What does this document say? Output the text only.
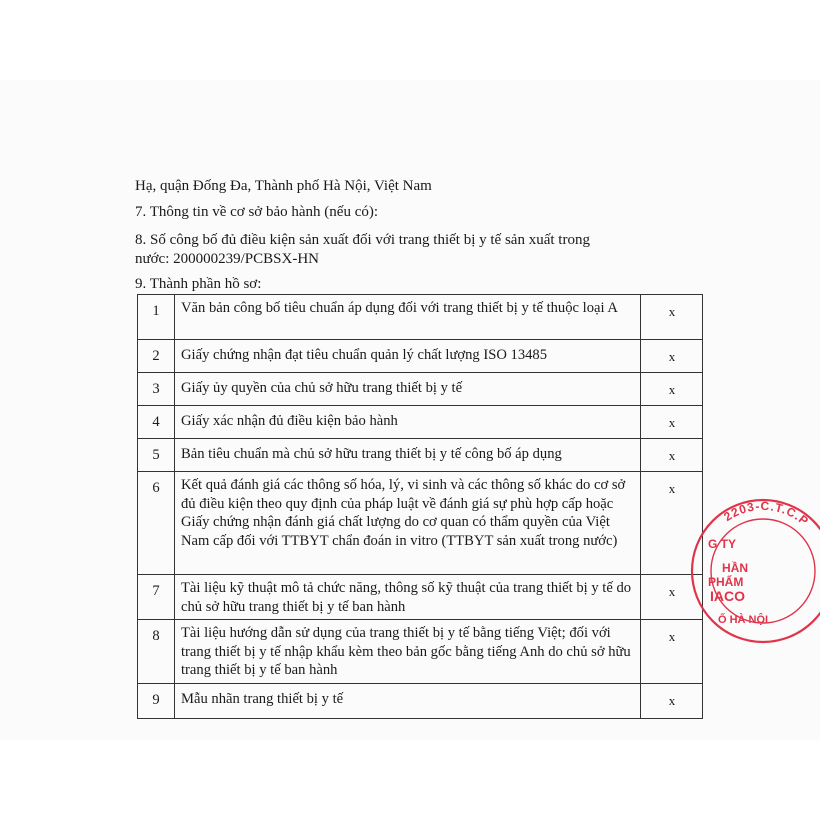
Hạ, quận Đống Đa, Thành phố Hà Nội, Việt Nam
7. Thông tin về cơ sở bảo hành (nếu có):
8. Số công bố đủ điều kiện sản xuất đối với trang thiết bị y tế sản xuất trong
nước: 200000239/PCBSX-HN
9. Thành phần hồ sơ:
1	Văn bản công bố tiêu chuẩn áp dụng đối với trang thiết bị y tế thuộc loại A	x
2	Giấy chứng nhận đạt tiêu chuẩn quản lý chất lượng ISO 13485	x
3	Giấy ủy quyền của chủ sở hữu trang thiết bị y tế	x
4	Giấy xác nhận đủ điều kiện bảo hành	x
5	Bản tiêu chuẩn mà chủ sở hữu trang thiết bị y tế công bố áp dụng	x
6	Kết quả đánh giá các thông số hóa, lý, vi sinh và các thông số khác do cơ sở đủ điều kiện theo quy định của pháp luật về đánh giá sự phù hợp cấp hoặc Giấy chứng nhận đánh giá chất lượng do cơ quan có thẩm quyền của Việt Nam cấp đối với TTBYT chẩn đoán in vitro (TTBYT sản xuất trong nước)	x
7	Tài liệu kỹ thuật mô tả chức năng, thông số kỹ thuật của trang thiết bị y tế do chủ sở hữu trang thiết bị y tế ban hành	x
8	Tài liệu hướng dẫn sử dụng của trang thiết bị y tế bằng tiếng Việt; đối với trang thiết bị y tế nhập khẩu kèm theo bản gốc bằng tiếng Anh do chủ sở hữu trang thiết bị y tế ban hành	x
9	Mẫu nhãn trang thiết bị y tế	x
2203-C.T.C.P
G TY
HẦN
PHẨM
IACO
Ố HÀ NỘI
